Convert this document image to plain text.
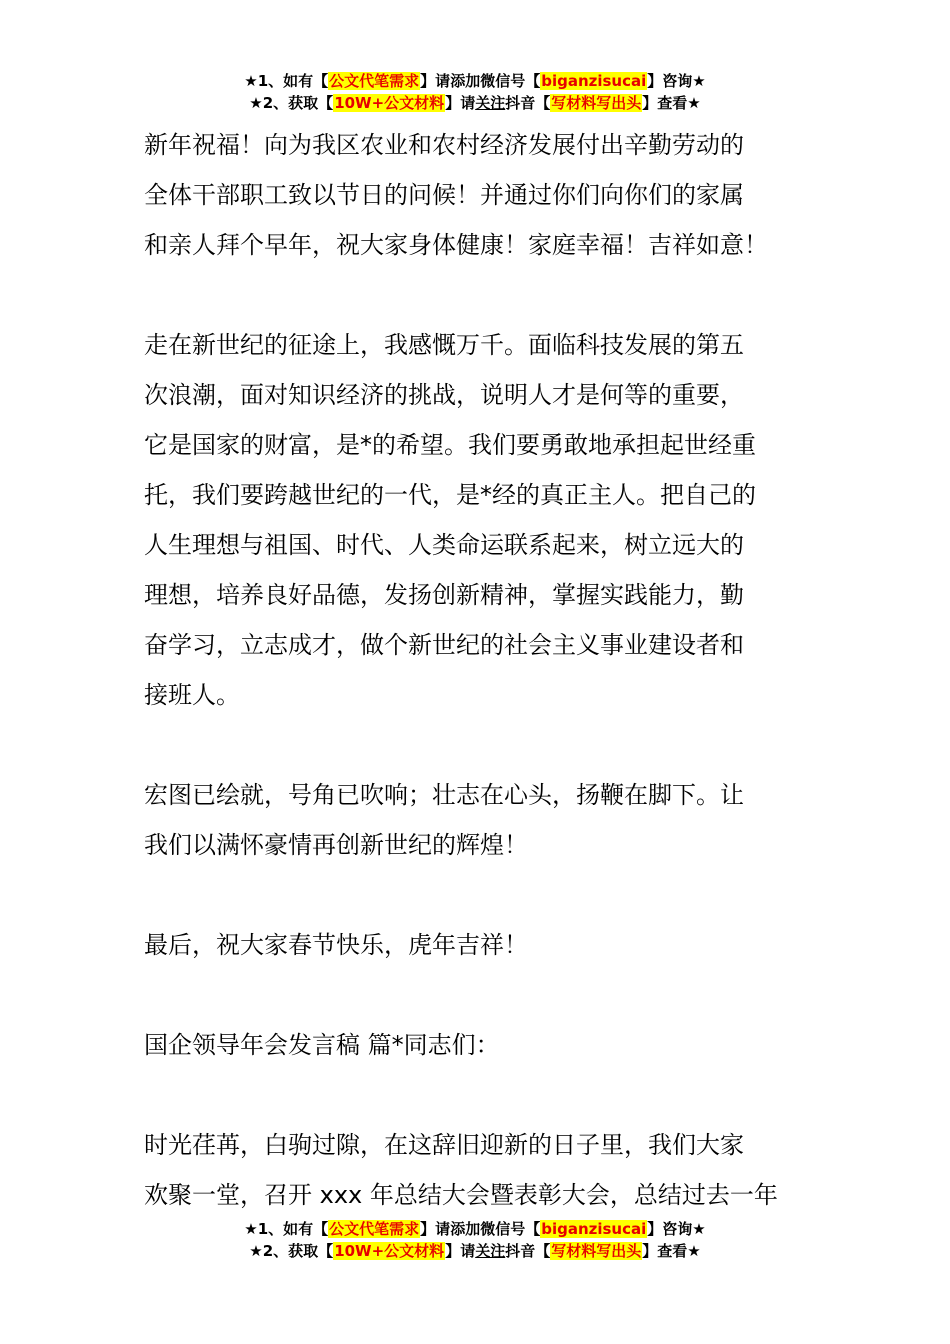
★1、如有【公文代笔需求】请添加微信号【biganzisucai】咨询★
★2、获取【10W+公文材料】请关注抖音【写材料写出头】查看★

新年祝福！向为我区农业和农村经济发展付出辛勤劳动的

全体干部职工致以节日的问候！并通过你们向你们的家属

和亲人拜个早年，祝大家身体健康！家庭幸福！吉祥如意！

走在新世纪的征途上，我感慨万千。面临科技发展的第五

次浪潮，面对知识经济的挑战，说明人才是何等的重要，

它是国家的财富，是*的希望。我们要勇敢地承担起世经重

托，我们要跨越世纪的一代，是*经的真正主人。把自己的

人生理想与祖国、时代、人类命运联系起来，树立远大的

理想，培养良好品德，发扬创新精神，掌握实践能力，勤

奋学习，立志成才，做个新世纪的社会主义事业建设者和

接班人。

宏图已绘就，号角已吹响；壮志在心头，扬鞭在脚下。让

我们以满怀豪情再创新世纪的辉煌！

最后，祝大家春节快乐，虎年吉祥！

国企领导年会发言稿 篇*同志们：

时光荏苒，白驹过隙，在这辞旧迎新的日子里，我们大家

欢聚一堂，召开 xxx 年总结大会暨表彰大会，总结过去一年

★1、如有【公文代笔需求】请添加微信号【biganzisucai】咨询★
★2、获取【10W+公文材料】请关注抖音【写材料写出头】查看★
